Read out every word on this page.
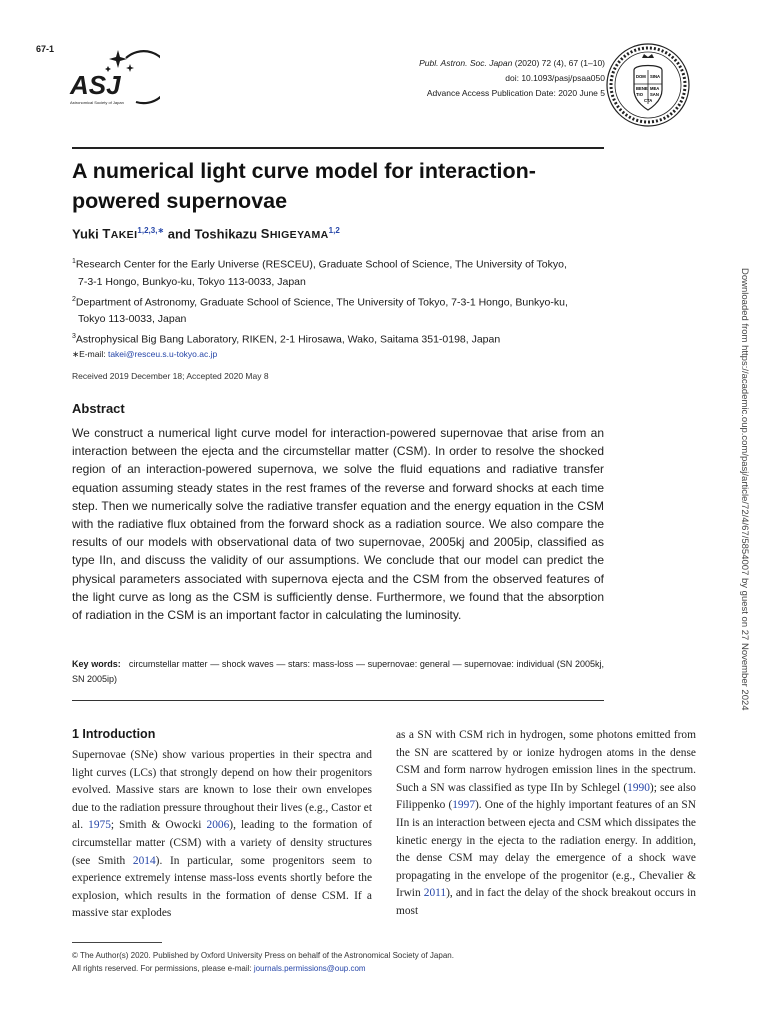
67-1
ASJ
Astronomical Society of Japan
Publ. Astron. Soc. Japan (2020) 72 (4), 67 (1–10)
doi: 10.1093/pasj/psaa050
Advance Access Publication Date: 2020 June 5
DOM SINA
BENE
TIO
MEA
SAN
CTA
A numerical light curve model for interaction-powered supernovae
Yuki $TAKEI^{1,2,3,∗}$ and Toshikazu SHIGEYAMA$^{1,2}$
$^1$Research Center for the Early Universe (RESCEU), Graduate School of Science, The University of Tokyo,
7-3-1 Hongo, Bunkyo-ku, Tokyo 113-0033, Japan
$^2$Department of Astronomy, Graduate School of Science, The University of Tokyo, 7-3-1 Hongo, Bunkyo-ku,
Tokyo 113-0033, Japan
$^3$Astrophysical Big Bang Laboratory, RIKEN, 2-1 Hirosawa, Wako, Saitama 351-0198, Japan
∗E-mail: takei@resceu.s.u-tokyo.ac.jp
Received 2019 December 18; Accepted 2020 May 8
Abstract
We construct a numerical light curve model for interaction-powered supernovae that arise from an interaction between the ejecta and the circumstellar matter (CSM). In order to resolve the shocked region of an interaction-powered supernova, we solve the fluid equations and radiative transfer equation assuming steady states in the rest frames of the reverse and forward shocks at each time step. Then we numerically solve the radiative transfer equation and the energy equation in the CSM with the radiative flux obtained from the forward shock as a radiation source. We also compare the results of our models with observational data of two supernovae, 2005kj and 2005ip, classified as type IIn, and discuss the validity of our assumptions. We conclude that our model can predict the physical parameters associated with supernova ejecta and the CSM from the observed features of the light curve as long as the CSM is sufficiently dense. Furthermore, we found that the absorption of radiation in the CSM is an important factor in calculating the luminosity.
Key words: circumstellar matter — shock waves — stars: mass-loss — supernovae: general — supernovae: individual (SN 2005kj, SN 2005ip)
1 Introduction
Supernovae (SNe) show various properties in their spectra and light curves (LCs) that strongly depend on how their progenitors evolved. Massive stars are known to lose their own envelopes due to the radiation pressure throughout their lives (e.g., Castor et al. 1975; Smith & Owocki 2006), leading to the formation of circumstellar matter (CSM) with a variety of density structures (see Smith 2014). In particular, some progenitors seem to experience extremely intense mass-loss events shortly before the explosion, which results in the formation of dense CSM. If a massive star explodes
as a SN with CSM rich in hydrogen, some photons emitted from the SN are scattered by or ionize hydrogen atoms in the dense CSM and form narrow hydrogen emission lines in the spectrum. Such a SN was classified as type IIn by Schlegel (1990); see also Filippenko (1997). One of the highly important features of an SN IIn is an interaction between ejecta and CSM which dissipates the kinetic energy in the ejecta to the radiation energy. In addition, the dense CSM may delay the emergence of a shock wave propagating in the envelope of the progenitor (e.g., Chevalier & Irwin 2011), and in fact the delay of the shock breakout occurs in most
© The Author(s) 2020. Published by Oxford University Press on behalf of the Astronomical Society of Japan.
All rights reserved. For permissions, please e-mail: journals.permissions@oup.com
Downloaded from https://academic.oup.com/pasj/article/72/4/67/5854007 by guest on 27 November 2024
